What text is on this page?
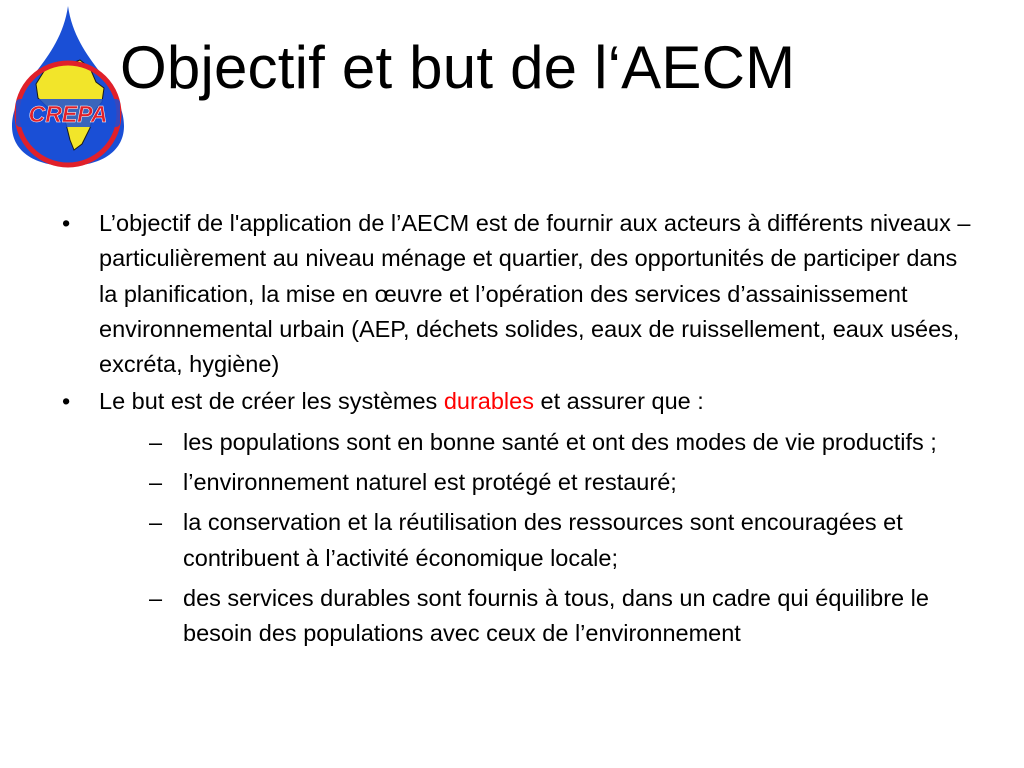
Objectif et but de l‘AECM
CREPA
•	L’objectif de l'application de l’AECM est de fournir aux acteurs à différents niveaux –particulièrement au niveau ménage et quartier, des opportunités de participer dans la planification, la mise en œuvre et l’opération des services d’assainissement environnemental urbain (AEP, déchets solides, eaux de ruissellement, eaux usées, excréta, hygiène)
•	Le but est de créer les systèmes durables et assurer que :
– les populations sont en bonne santé et ont des modes de vie productifs ;
– l’environnement naturel est protégé et restauré;
– la conservation et la réutilisation des ressources sont encouragées et contribuent à l’activité économique locale;
– des services durables sont fournis à tous, dans un cadre qui équilibre le besoin des populations avec ceux de l’environnement
